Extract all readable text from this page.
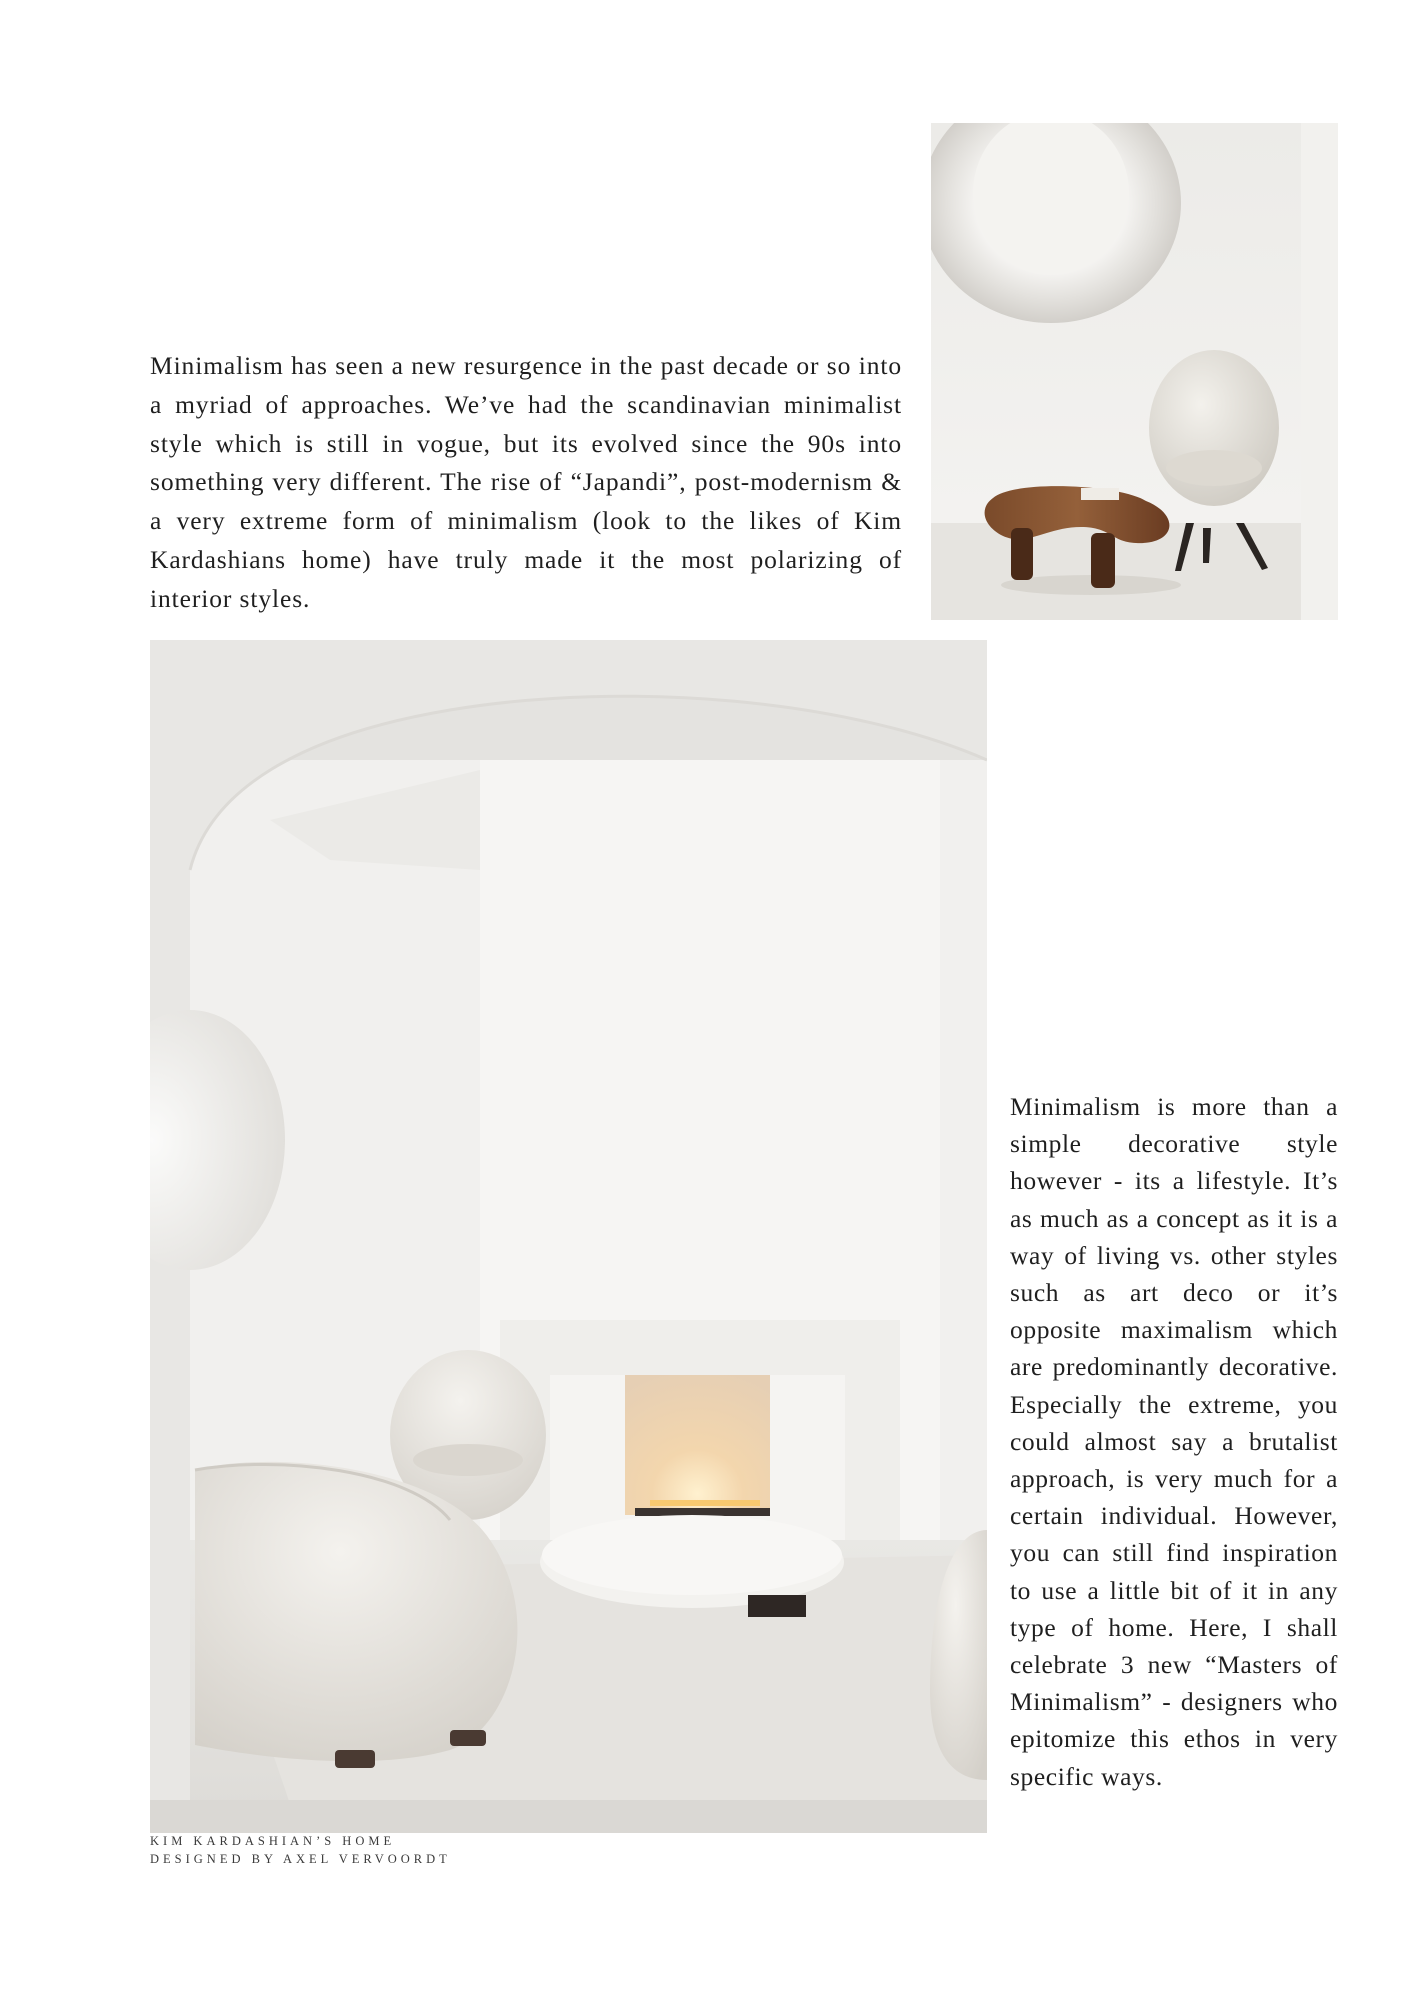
Minimalism has seen a new resurgence in the past decade or so into a myriad of approaches. We’ve had the scandinavian minimalist style which is still in vogue, but its evolved since the 90s into something very different. The rise of “Japandi”, post-modernism & a very extreme form of minimalism (look to the likes of Kim Kardashians home) have truly made it the most polarizing of interior styles.

Minimalism is more than a simple decorative style however - its a lifestyle. It’s as much as a concept as it is a way of living vs. other styles such as art deco or it’s opposite maximalism which are predominantly decorative. Especially the extreme, you could almost say a brutalist approach, is very much for a certain individual. However, you can still find inspiration to use a little bit of it in any type of home. Here, I shall celebrate 3 new “Masters of Minimalism” - designers who epitomize this ethos in very specific ways.

KIM KARDASHIAN’S HOME
DESIGNED BY AXEL VERVOORDT
